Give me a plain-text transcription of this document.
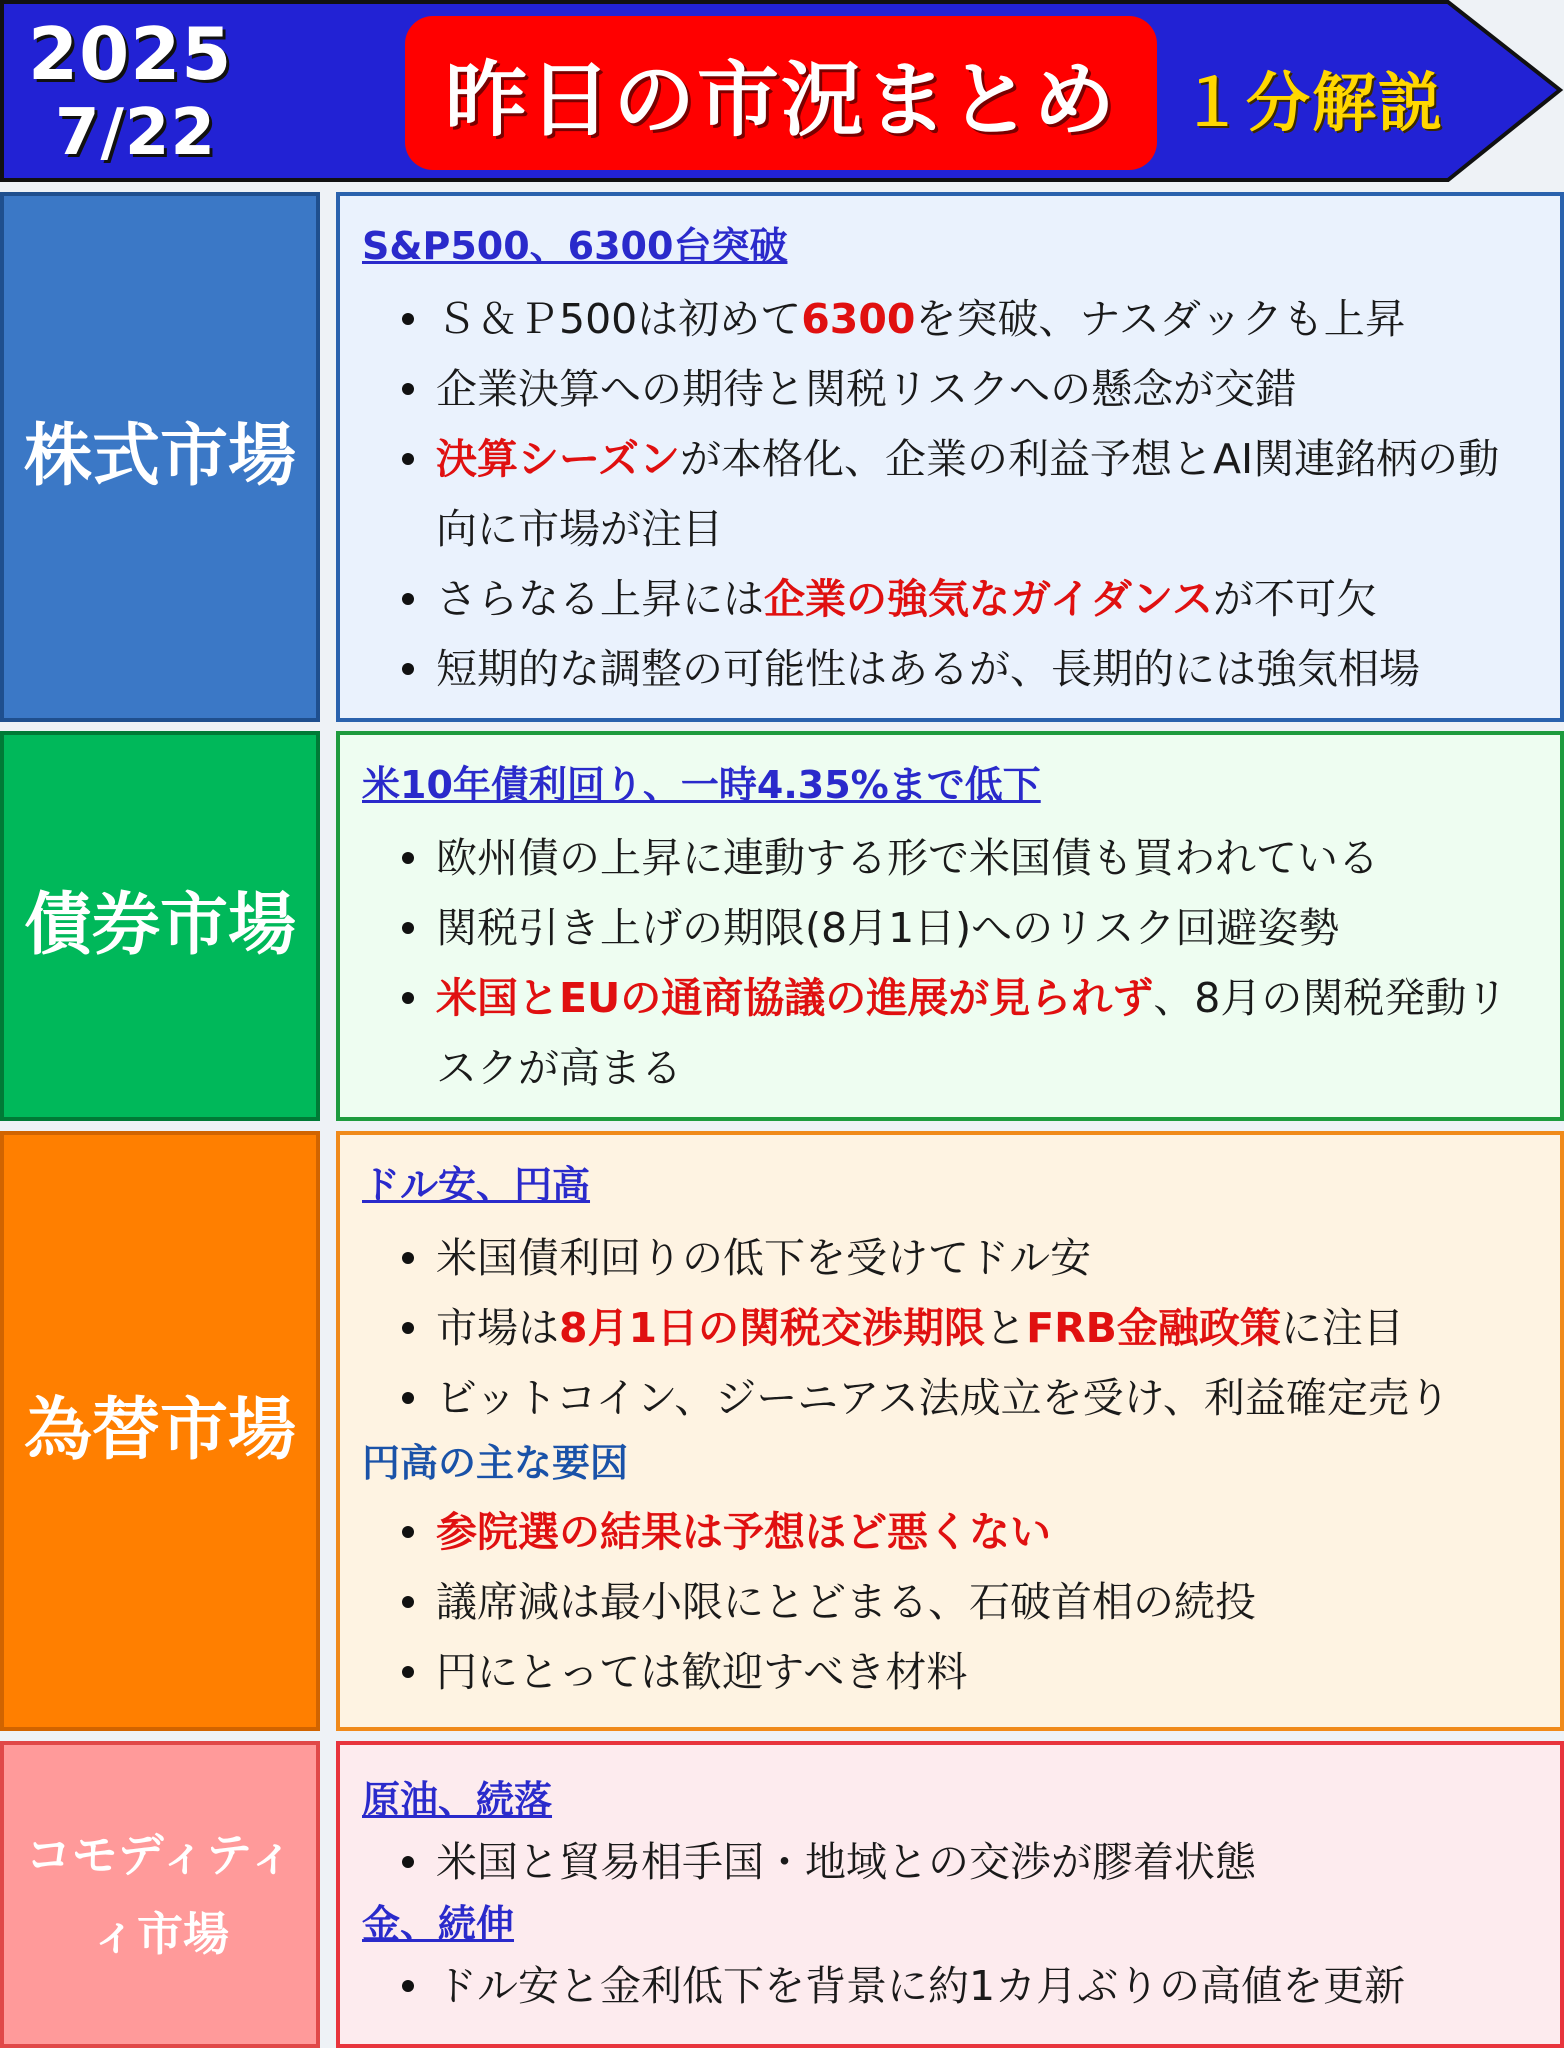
2025
7/22	昨日の市況まとめ １分解説
株式市場
S&P500、6300台突破
Ｓ＆Ｐ500は初めて6300を突破、ナスダックも上昇
企業決算への期待と関税リスクへの懸念が交錯
決算シーズンが本格化、企業の利益予想とAI関連銘柄の動向に市場が注目
さらなる上昇には企業の強気なガイダンスが不可欠
短期的な調整の可能性はあるが、長期的には強気相場
債券市場
米10年債利回り、一時4.35%まで低下
欧州債の上昇に連動する形で米国債も買われている
関税引き上げの期限(8月1日)へのリスク回避姿勢
米国とEUの通商協議の進展が見られず、8月の関税発動リスクが高まる
為替市場
ドル安、円高
米国債利回りの低下を受けてドル安
市場は8月1日の関税交渉期限とFRB金融政策に注目
ビットコイン、ジーニアス法成立を受け、利益確定売り
円高の主な要因
参院選の結果は予想ほど悪くない
議席減は最小限にとどまる、石破首相の続投
円にとっては歓迎すべき材料
コモディティ
ィ市場
原油、続落
米国と貿易相手国・地域との交渉が膠着状態
金、続伸
ドル安と金利低下を背景に約1カ月ぶりの高値を更新
